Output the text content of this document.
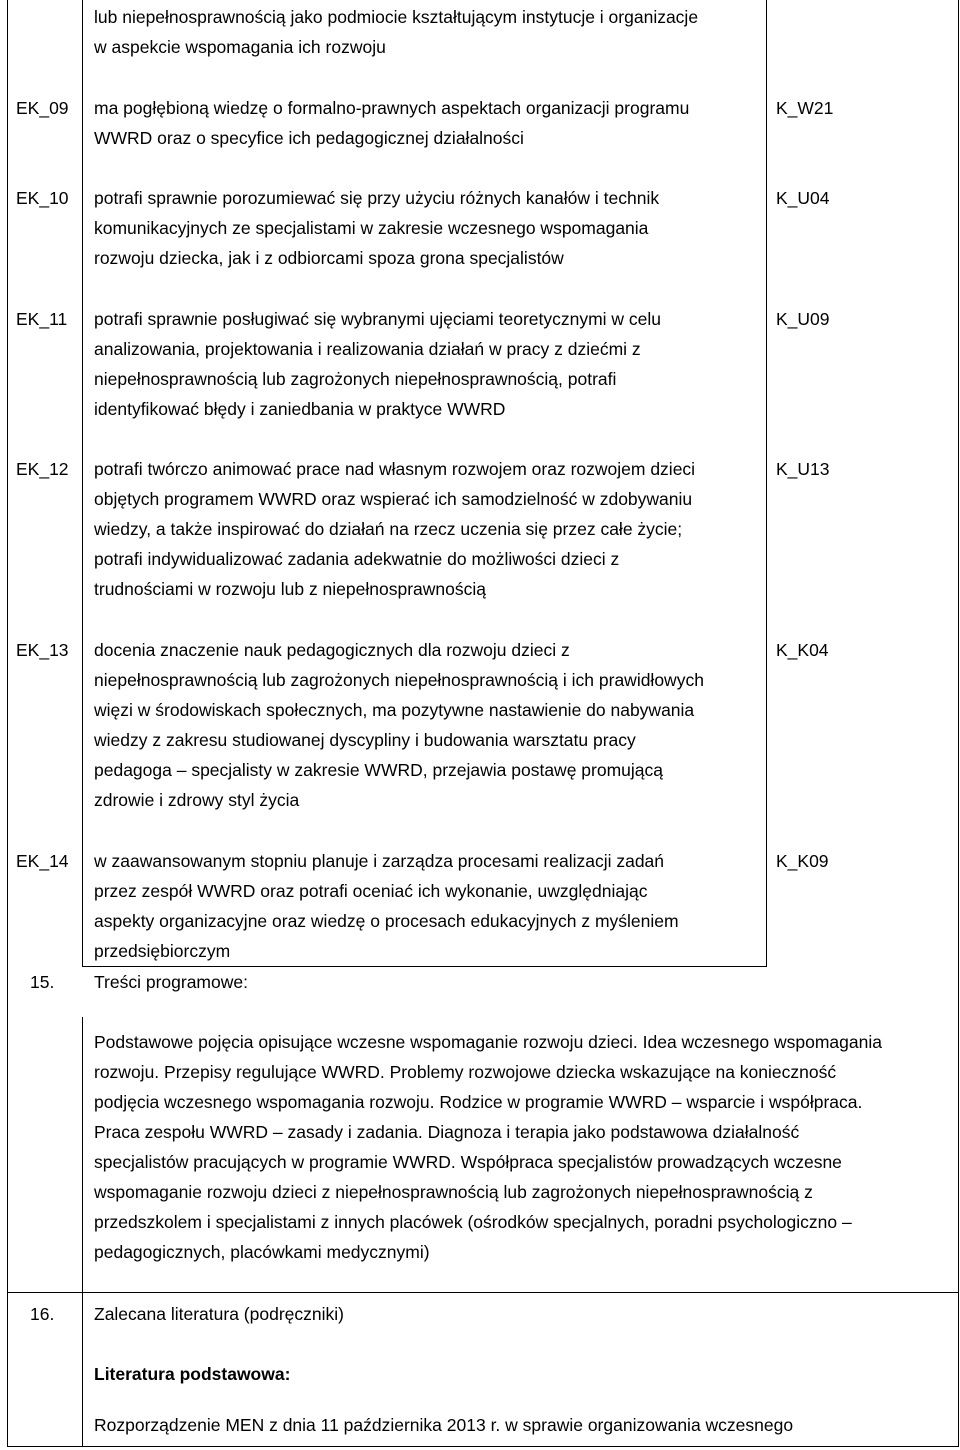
lub niepełnosprawnością jako podmiocie kształtującym instytucje i organizacje
w aspekcie wspomagania ich rozwoju
EK_09 ma pogłębioną wiedzę o formalno-prawnych aspektach organizacji programu
WWRD oraz o specyfice ich pedagogicznej działalności
K_W21
EK_10 potrafi sprawnie porozumiewać się przy użyciu różnych kanałów i technik
komunikacyjnych ze specjalistami w zakresie wczesnego wspomagania
rozwoju dziecka, jak i z odbiorcami spoza grona specjalistów
K_U04
EK_11 potrafi sprawnie posługiwać się wybranymi ujęciami teoretycznymi w celu
analizowania, projektowania i realizowania działań w pracy z dziećmi z
niepełnosprawnością lub zagrożonych niepełnosprawnością, potrafi
identyfikować błędy i zaniedbania w praktyce WWRD
K_U09
EK_12 potrafi twórczo animować prace nad własnym rozwojem oraz rozwojem dzieci
objętych programem WWRD oraz wspierać ich samodzielność w zdobywaniu
wiedzy, a także inspirować do działań na rzecz uczenia się przez całe życie;
potrafi indywidualizować zadania adekwatnie do możliwości dzieci z
trudnościami w rozwoju lub z niepełnosprawnością
K_U13
EK_13 docenia znaczenie nauk pedagogicznych dla rozwoju dzieci z
niepełnosprawnością lub zagrożonych niepełnosprawnością i ich prawidłowych
więzi w środowiskach społecznych, ma pozytywne nastawienie do nabywania
wiedzy z zakresu studiowanej dyscypliny i budowania warsztatu pracy
pedagoga – specjalisty w zakresie WWRD, przejawia postawę promującą
zdrowie i zdrowy styl życia
K_K04
EK_14 w zaawansowanym stopniu planuje i zarządza procesami realizacji zadań
przez zespół WWRD oraz potrafi oceniać ich wykonanie, uwzględniając
aspekty organizacyjne oraz wiedzę o procesach edukacyjnych z myśleniem
przedsiębiorczym
K_K09
15. Treści programowe:
Podstawowe pojęcia opisujące wczesne wspomaganie rozwoju dzieci. Idea wczesnego wspomagania
rozwoju. Przepisy regulujące WWRD. Problemy rozwojowe dziecka wskazujące na konieczność
podjęcia wczesnego wspomagania rozwoju. Rodzice w programie WWRD – wsparcie i współpraca.
Praca zespołu WWRD – zasady i zadania. Diagnoza i terapia jako podstawowa działalność
specjalistów pracujących w programie WWRD. Współpraca specjalistów prowadzących wczesne
wspomaganie rozwoju dzieci z niepełnosprawnością lub zagrożonych niepełnosprawnością z
przedszkolem i specjalistami z innych placówek (ośrodków specjalnych, poradni psychologiczno –
pedagogicznych, placówkami medycznymi)
16. Zalecana literatura (podręczniki)
Literatura podstawowa:
Rozporządzenie MEN z dnia 11 października 2013 r. w sprawie organizowania wczesnego
